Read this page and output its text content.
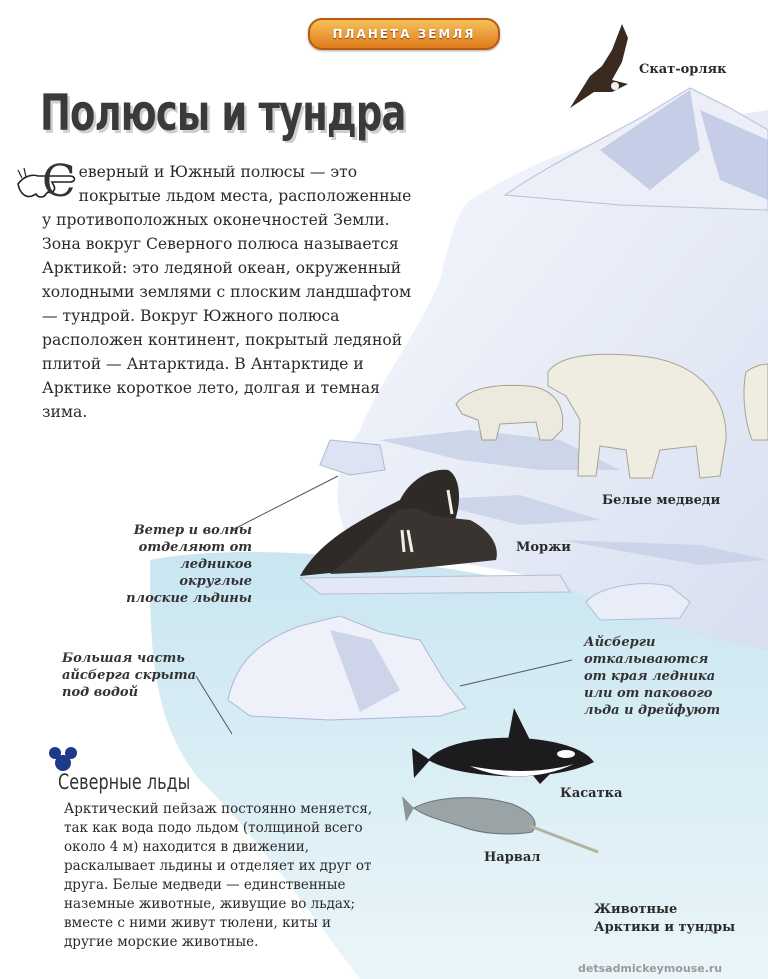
ПЛАНЕТА ЗЕМЛЯ
Полюсы и тундра
С еверный и Южный полюсы — это покрытые льдом места, расположенные у противоположных оконечностей Земли. Зона вокруг Северного полюса называется Арктикой: это ледяной океан, окруженный холодными землями с плоским ландшафтом — тундрой. Вокруг Южного полюса расположен континент, покрытый ледяной плитой — Антарктида. В Антарктиде и Арктике короткое лето, долгая и темная зима.
Скат-орляк
Белые медведи
Моржи
Касатка
Нарвал
Животные
Арктики и тундры
Ветер и волны
отделяют от
ледников округлые
плоские льдины
Большая часть
айсберга скрыта
под водой
Айсберги
откалываются
от края ледника
или от пакового
льда и дрейфуют
Северные льды
Арктический пейзаж постоянно меняется, так как вода подо льдом (толщиной всего около 4 м) находится в движении, раскалывает льдины и отделяет их друг от друга. Белые медведи — единственные наземные животные, живущие во льдах; вместе с ними живут тюлени, киты и другие морские животные.
detsadmickeymouse.ru
